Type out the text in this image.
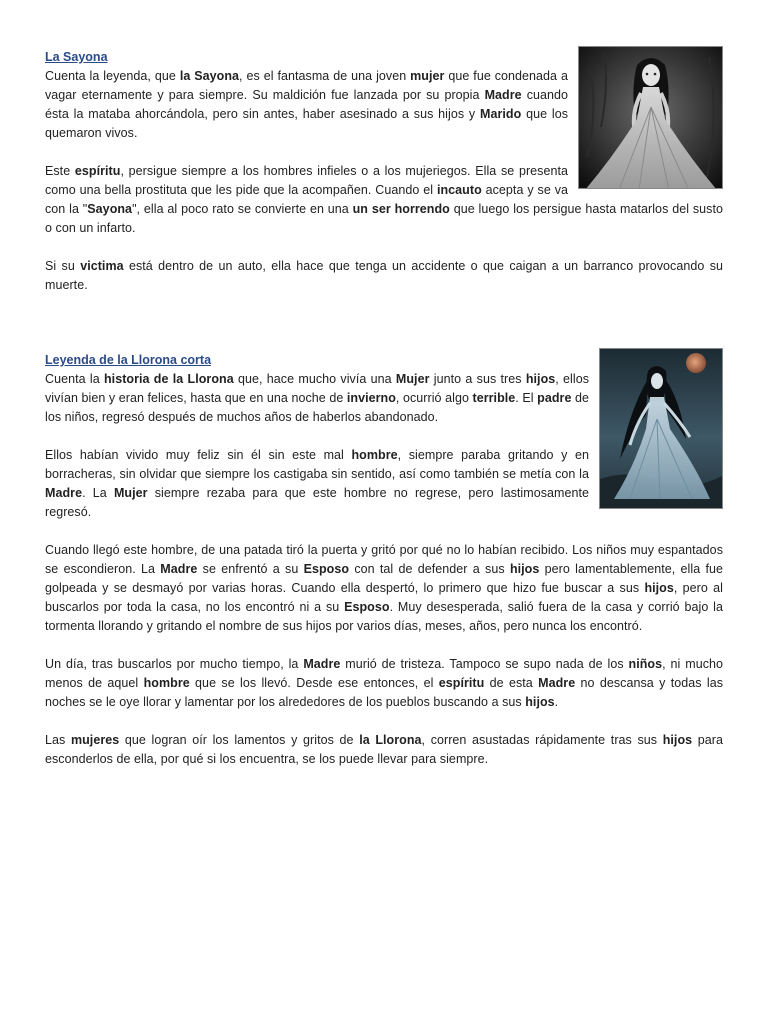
La Sayona

Cuenta la leyenda, que la Sayona, es el fantasma de una joven mujer que fue condenada a vagar eternamente y para siempre. Su maldición fue lanzada por su propia Madre cuando ésta la mataba ahorcándola, pero sin antes, haber asesinado a sus hijos y Marido que los quemaron vivos.

Este espíritu, persigue siempre a los hombres infieles o a los mujeriegos. Ella se presenta como una bella prostituta que les pide que la acompañen. Cuando el incauto acepta y se va con la "Sayona", ella al poco rato se convierte en una un ser horrendo que luego los persigue hasta matarlos del susto o con un infarto.

Si su victima está dentro de un auto, ella hace que tenga un accidente o que caigan a un barranco provocando su muerte.

Leyenda de la Llorona corta

Cuenta la historia de la Llorona que, hace mucho vivía una Mujer junto a sus tres hijos, ellos vivían bien y eran felices, hasta que en una noche de invierno, ocurrió algo terrible. El padre de los niños, regresó después de muchos años de haberlos abandonado.

Ellos habían vivido muy feliz sin él sin este mal hombre, siempre paraba gritando y en borracheras, sin olvidar que siempre los castigaba sin sentido, así como también se metía con la Madre. La Mujer siempre rezaba para que este hombre no regrese, pero lastimosamente regresó.

Cuando llegó este hombre, de una patada tiró la puerta y gritó por qué no lo habían recibido. Los niños muy espantados se escondieron. La Madre se enfrentó a su Esposo con tal de defender a sus hijos pero lamentablemente, ella fue golpeada y se desmayó por varias horas. Cuando ella despertó, lo primero que hizo fue buscar a sus hijos, pero al buscarlos por toda la casa, no los encontró ni a su Esposo. Muy desesperada, salió fuera de la casa y corrió bajo la tormenta llorando y gritando el nombre de sus hijos por varios días, meses, años, pero nunca los encontró.

Un día, tras buscarlos por mucho tiempo, la Madre murió de tristeza. Tampoco se supo nada de los niños, ni mucho menos de aquel hombre que se los llevó. Desde ese entonces, el espíritu de esta Madre no descansa y todas las noches se le oye llorar y lamentar por los alrededores de los pueblos buscando a sus hijos.

Las mujeres que logran oír los lamentos y gritos de la Llorona, corren asustadas rápidamente tras sus hijos para esconderlos de ella, por qué si los encuentra, se los puede llevar para siempre.
